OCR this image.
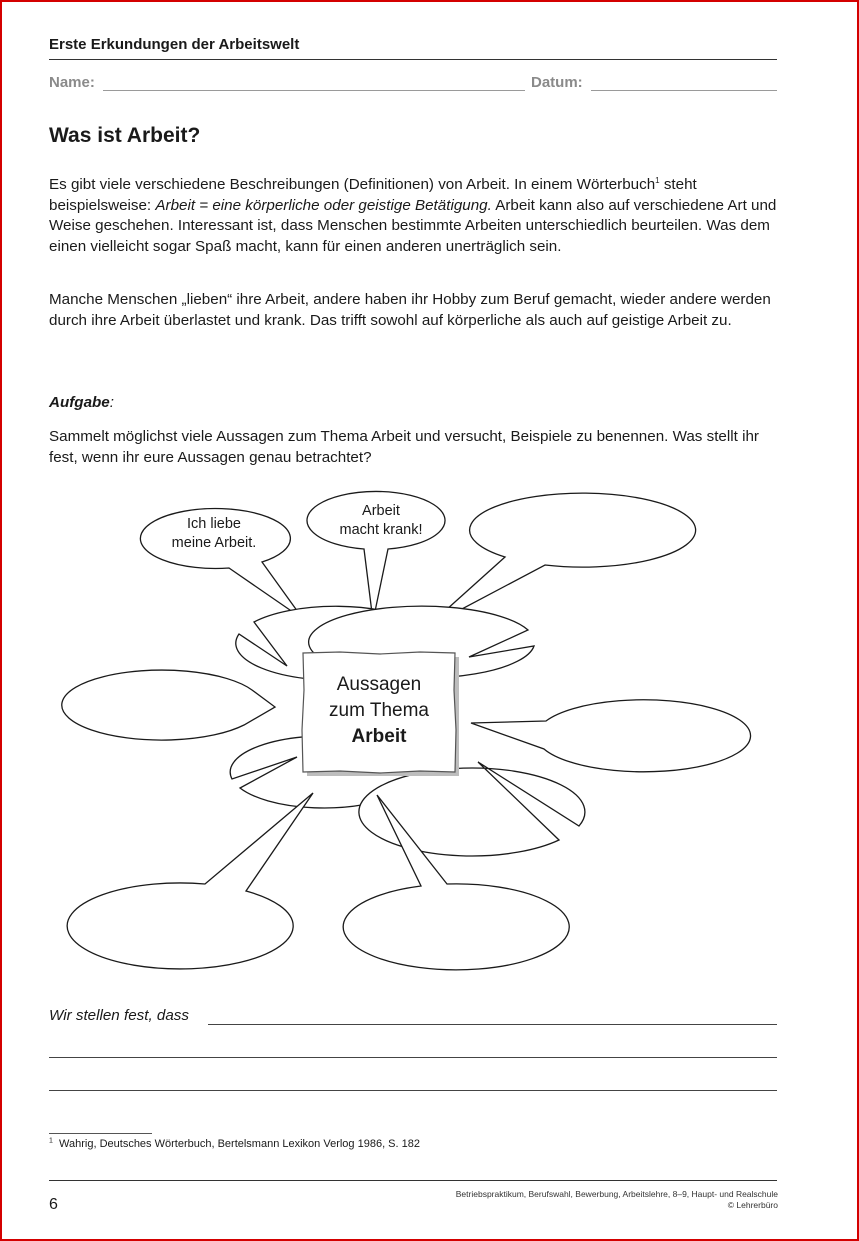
Erste Erkundungen der Arbeitswelt
Name:	Datum:
Was ist Arbeit?

Es gibt viele verschiedene Beschreibungen (Definitionen) von Arbeit. In einem Wörterbuch$^1$ steht beispielsweise: Arbeit = eine körperliche oder geistige Betätigung. Arbeit kann also auf verschiedene Art und Weise geschehen. Interessant ist, dass Menschen bestimmte Arbeiten unterschiedlich beurteilen. Was dem einen vielleicht sogar Spaß macht, kann für einen anderen unerträglich sein.

Manche Menschen „lieben“ ihre Arbeit, andere haben ihr Hobby zum Beruf gemacht, wieder andere werden durch ihre Arbeit überlastet und krank. Das trifft sowohl auf körperliche als auch auf geistige Arbeit zu.

Aufgabe:

Sammelt möglichst viele Aussagen zum Thema Arbeit und versucht, Beispiele zu benennen. Was stellt ihr fest, wenn ihr eure Aussagen genau betrachtet?

Ich liebe
meine Arbeit.
Arbeit
macht krank!
Aussagen
zum Thema
Arbeit
Wir stellen fest, dass
$^1$ Wahrig, Deutsches Wörterbuch, Bertelsmann Lexikon Verlog 1986, S. 182
6
Betriebspraktikum, Berufswahl, Bewerbung, Arbeitslehre, 8–9, Haupt- und Realschule
© Lehrerbüro
